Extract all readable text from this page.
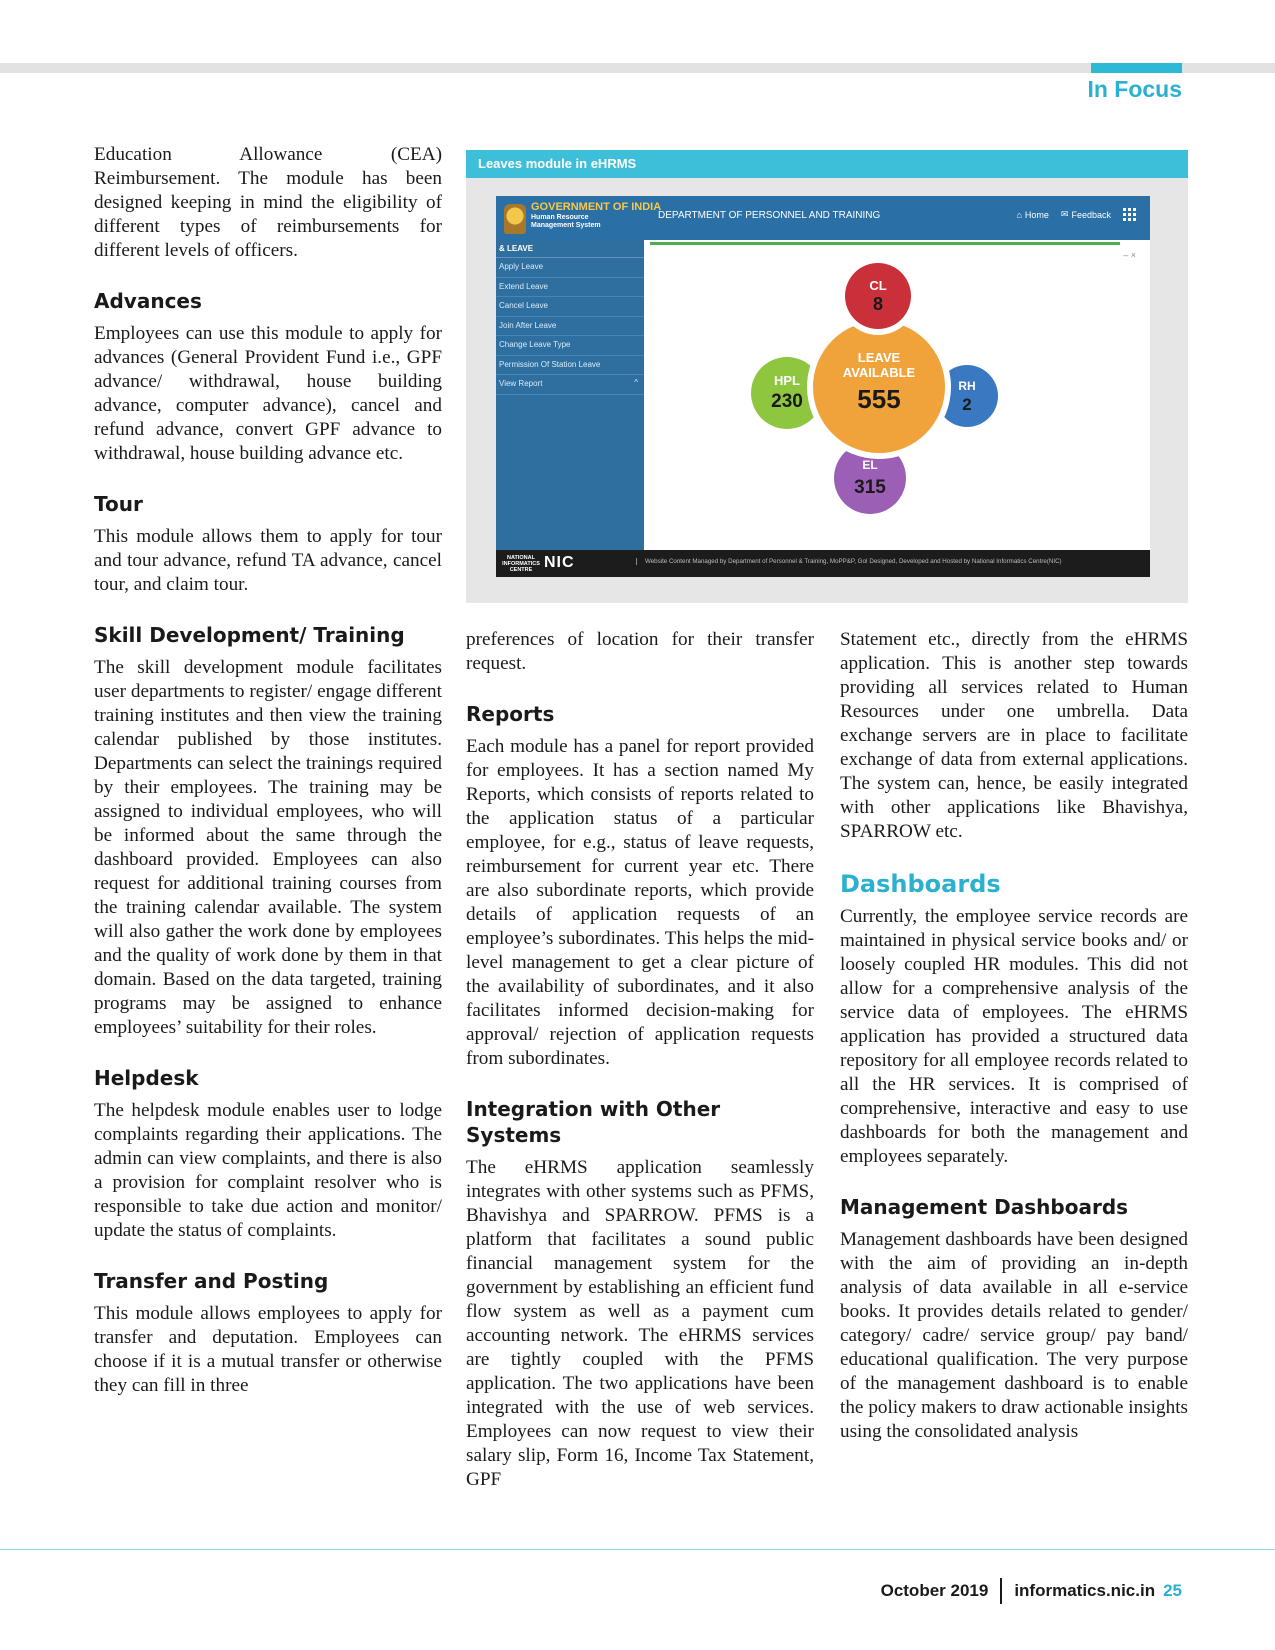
In Focus

Education Allowance (CEA) Reimbursement. The module has been designed keeping in mind the eligibility of different types of reimbursements for different levels of officers.

Advances

Employees can use this module to apply for advances (General Provident Fund i.e., GPF advance/ withdrawal, house building advance, computer advance), cancel and refund advance, convert GPF advance to withdrawal, house building advance etc.

Tour

This module allows them to apply for tour and tour advance, refund TA advance, cancel tour, and claim tour.

Skill Development/ Training

The skill development module facilitates user departments to register/ engage different training institutes and then view the training calendar published by those institutes. Departments can select the trainings required by their employees. The training may be assigned to individual employees, who will be informed about the same through the dashboard provided. Employees can also request for additional training courses from the training calendar available. The system will also gather the work done by employees and the quality of work done by them in that domain. Based on the data targeted, training programs may be assigned to enhance employees’ suitability for their roles.

Helpdesk

The helpdesk module enables user to lodge complaints regarding their applications. The admin can view complaints, and there is also a provision for complaint resolver who is responsible to take due action and monitor/ update the status of complaints.

Transfer and Posting

This module allows employees to apply for transfer and deputation. Employees can choose if it is a mutual transfer or otherwise they can fill in three

Leaves module in eHRMS
GOVERNMENT OF INDIA
Human Resource Management System
DEPARTMENT OF PERSONNEL AND TRAINING	⌂ Home ✉ Feedback
& LEAVE
Apply Leave
Extend Leave
Cancel Leave
Join After Leave
Change Leave Type
Permission Of Station Leave
View Report	^
– ×
EL
315
HPL
230
RH
2
LEAVE
AVAILABLE
555
CL
8
NATIONAL INFORMATICS CENTRE NIC	Website Content Managed by Department of Personnel & Training, MoPP&P, GoI Designed, Developed and Hosted by National Informatics Centre(NIC)

preferences of location for their transfer request.

Reports

Each module has a panel for report provided for employees. It has a section named My Reports, which consists of reports related to the application status of a particular employee, for e.g., status of leave requests, reimbursement for current year etc. There are also subordinate reports, which provide details of application requests of an employee’s subordinates. This helps the mid-level management to get a clear picture of the availability of subordinates, and it also facilitates informed decision-making for approval/ rejection of application requests from subordinates.

Integration with Other Systems

The eHRMS application seamlessly integrates with other systems such as PFMS, Bhavishya and SPARROW. PFMS is a platform that facilitates a sound public financial management system for the government by establishing an efficient fund flow system as well as a payment cum accounting network. The eHRMS services are tightly coupled with the PFMS application. The two applications have been integrated with the use of web services. Employees can now request to view their salary slip, Form 16, Income Tax Statement, GPF

Statement etc., directly from the eHRMS application. This is another step towards providing all services related to Human Resources under one umbrella. Data exchange servers are in place to facilitate exchange of data from external applications. The system can, hence, be easily integrated with other applications like Bhavishya, SPARROW etc.

Dashboards

Currently, the employee service records are maintained in physical service books and/ or loosely coupled HR modules. This did not allow for a comprehensive analysis of the service data of employees. The eHRMS application has provided a structured data repository for all employee records related to all the HR services. It is comprised of comprehensive, interactive and easy to use dashboards for both the management and employees separately.

Management Dashboards

Management dashboards have been designed with the aim of providing an in-depth analysis of data available in all e-service books. It provides details related to gender/ category/ cadre/ service group/ pay band/ educational qualification. The very purpose of the management dashboard is to enable the policy makers to draw actionable insights using the consolidated analysis

October 2019 informatics.nic.in 25
